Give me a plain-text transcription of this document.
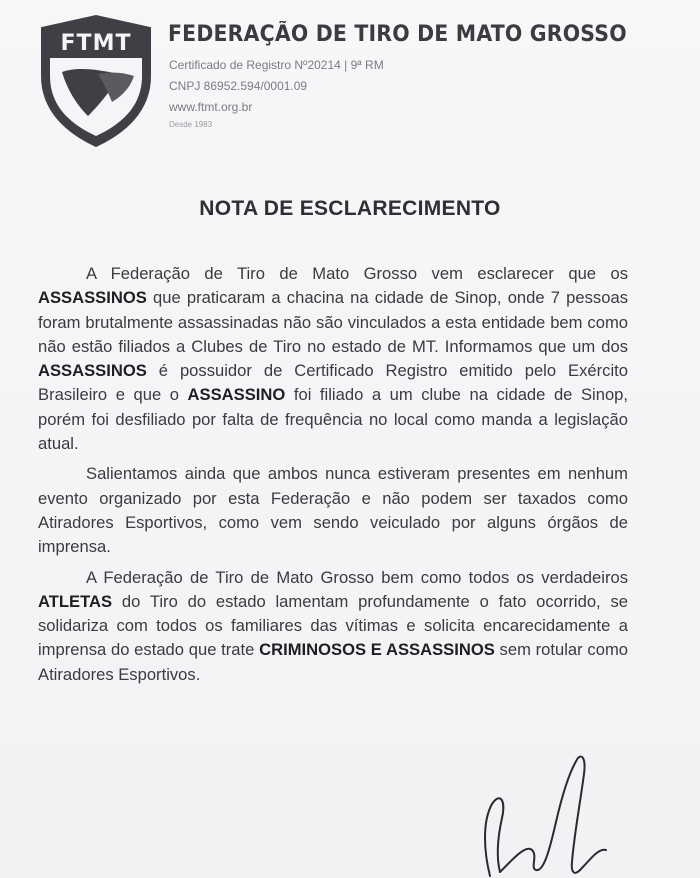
FTMT FEDERAÇÃO DE TIRO DE MATO GROSSO
Certificado de Registro Nº20214 | 9ª RM
CNPJ 86952.594/0001.09
www.ftmt.org.br
Desde 1983
NOTA DE ESCLARECIMENTO

A Federação de Tiro de Mato Grosso vem esclarecer que os ASSASSINOS que praticaram a chacina na cidade de Sinop, onde 7 pessoas foram brutalmente assassinadas não são vinculados a esta entidade bem como não estão filiados a Clubes de Tiro no estado de MT. Informamos que um dos ASSASSINOS é possuidor de Certificado Registro emitido pelo Exército Brasileiro e que o ASSASSINO foi filiado a um clube na cidade de Sinop, porém foi desfiliado por falta de frequência no local como manda a legislação atual.

Salientamos ainda que ambos nunca estiveram presentes em nenhum evento organizado por esta Federação e não podem ser taxados como Atiradores Esportivos, como vem sendo veiculado por alguns órgãos de imprensa.

A Federação de Tiro de Mato Grosso bem como todos os verdadeiros ATLETAS do Tiro do estado lamentam profundamente o fato ocorrido, se solidariza com todos os familiares das vítimas e solicita encarecidamente a imprensa do estado que trate CRIMINOSOS E ASSASSINOS sem rotular como Atiradores Esportivos.
